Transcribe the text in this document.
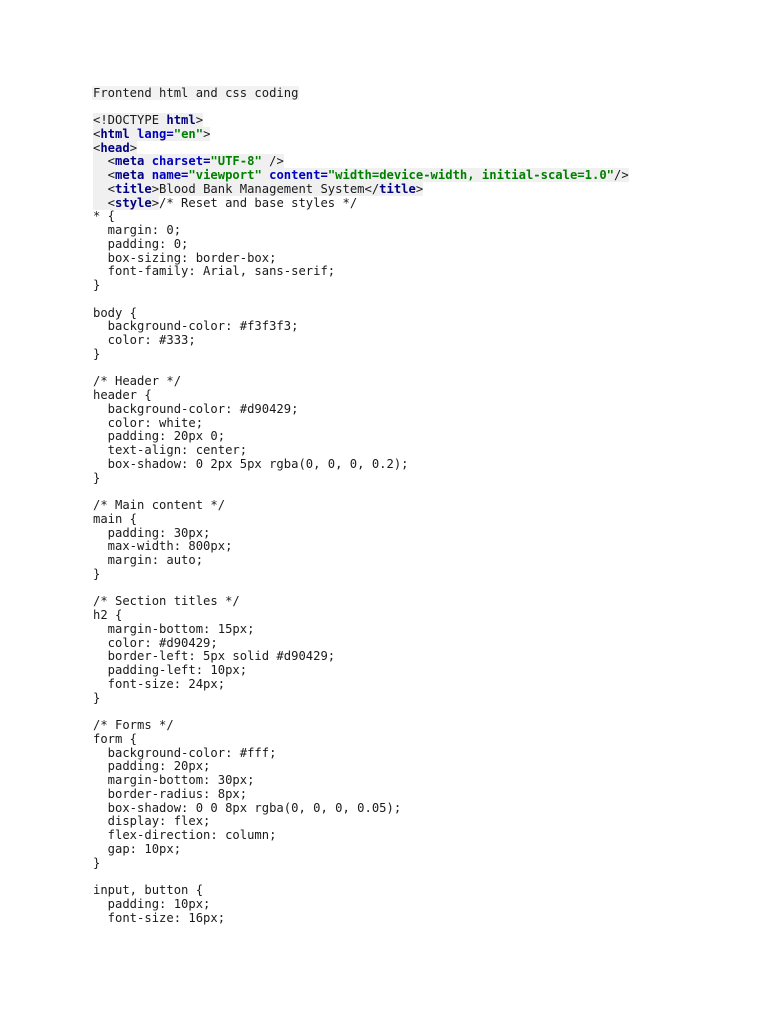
Frontend html and css coding
<!DOCTYPE html>
<html lang="en">
<head>
<meta charset="UTF-8" />
<meta name="viewport" content="width=device-width, initial-scale=1.0"/>
<title>Blood Bank Management System</title>
<style>/* Reset and base styles */
* {
margin: 0;
padding: 0;
box-sizing: border-box;
font-family: Arial, sans-serif;
}
body {
background-color: #f3f3f3;
color: #333;
}
/* Header */
header {
background-color: #d90429;
color: white;
padding: 20px 0;
text-align: center;
box-shadow: 0 2px 5px rgba(0, 0, 0, 0.2);
}
/* Main content */
main {
padding: 30px;
max-width: 800px;
margin: auto;
}
/* Section titles */
h2 {
margin-bottom: 15px;
color: #d90429;
border-left: 5px solid #d90429;
padding-left: 10px;
font-size: 24px;
}
/* Forms */
form {
background-color: #fff;
padding: 20px;
margin-bottom: 30px;
border-radius: 8px;
box-shadow: 0 0 8px rgba(0, 0, 0, 0.05);
display: flex;
flex-direction: column;
gap: 10px;
}
input, button {
padding: 10px;
font-size: 16px;
